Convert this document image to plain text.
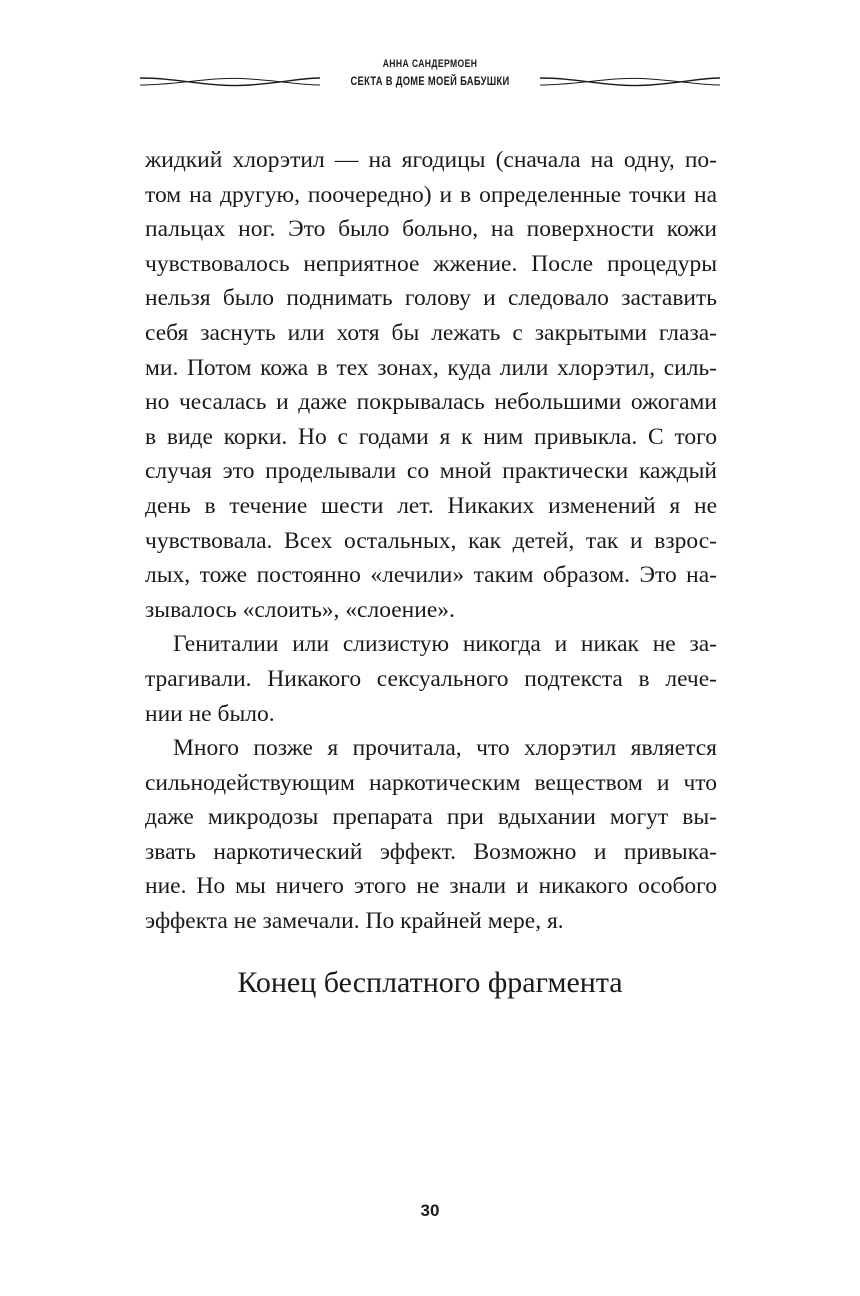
АННА САНДЕРМОЕН
СЕКТА В ДОМЕ МОЕЙ БАБУШКИ

жидкий хлорэтил — на ягодицы (сначала на одну, по-
том на другую, поочередно) и в определенные точки на
пальцах ног. Это было больно, на поверхности кожи
чувствовалось неприятное жжение. После процедуры
нельзя было поднимать голову и следовало заставить
себя заснуть или хотя бы лежать с закрытыми глаза-
ми. Потом кожа в тех зонах, куда лили хлорэтил, силь-
но чесалась и даже покрывалась небольшими ожогами
в виде корки. Но с годами я к ним привыкла. С того
случая это проделывали со мной практически каждый
день в течение шести лет. Никаких изменений я не
чувствовала. Всех остальных, как детей, так и взрос-
лых, тоже постоянно «лечили» таким образом. Это на-
зывалось «слоить», «слоение».

Гениталии или слизистую никогда и никак не за-
трагивали. Никакого сексуального подтекста в лече-
нии не было.

Много позже я прочитала, что хлорэтил является
сильнодействующим наркотическим веществом и что
даже микродозы препарата при вдыхании могут вы-
звать наркотический эффект. Возможно и привыка-
ние. Но мы ничего этого не знали и никакого особого
эффекта не замечали. По крайней мере, я.

Конец бесплатного фрагмента
30
